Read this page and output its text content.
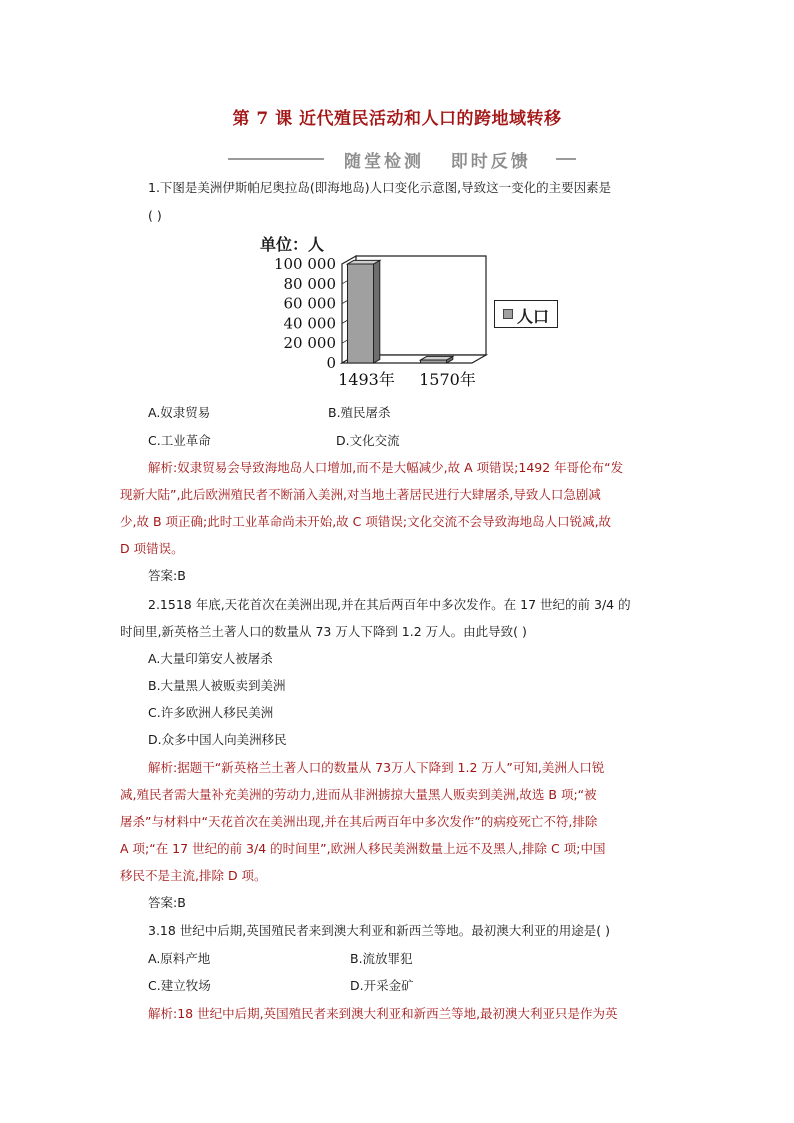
第 7 课 近代殖民活动和人口的跨地域转移
随堂检测   即时反馈
1.下图是美洲伊斯帕尼奥拉岛(即海地岛)人口变化示意图,导致这一变化的主要因素是
( )
0
20 000
40 000
60 000
80 000
100 000
1493年 1570年
单位：人
人口
A.奴隶贸易	B.殖民屠杀
C.工业革命	D.文化交流
解析:奴隶贸易会导致海地岛人口增加,而不是大幅减少,故 A 项错误;1492 年哥伦布“发
现新大陆”,此后欧洲殖民者不断涌入美洲,对当地土著居民进行大肆屠杀,导致人口急剧减
少,故 B 项正确;此时工业革命尚未开始,故 C 项错误;文化交流不会导致海地岛人口锐减,故
D 项错误。
答案:B
2.1518 年底,天花首次在美洲出现,并在其后两百年中多次发作。在 17 世纪的前 3/4 的
时间里,新英格兰土著人口的数量从 73 万人下降到 1.2 万人。由此导致( )
A.大量印第安人被屠杀
B.大量黑人被贩卖到美洲
C.许多欧洲人移民美洲
D.众多中国人向美洲移民
解析:据题干“新英格兰土著人口的数量从 73万人下降到 1.2 万人”可知,美洲人口锐
减,殖民者需大量补充美洲的劳动力,进而从非洲掳掠大量黑人贩卖到美洲,故选 B 项;“被
屠杀”与材料中“天花首次在美洲出现,并在其后两百年中多次发作”的病疫死亡不符,排除
A 项;“在 17 世纪的前 3/4 的时间里”,欧洲人移民美洲数量上远不及黑人,排除 C 项;中国
移民不是主流,排除 D 项。
答案:B
3.18 世纪中后期,英国殖民者来到澳大利亚和新西兰等地。最初澳大利亚的用途是( )
A.原料产地	B.流放罪犯
C.建立牧场	D.开采金矿
解析:18 世纪中后期,英国殖民者来到澳大利亚和新西兰等地,最初澳大利亚只是作为英
